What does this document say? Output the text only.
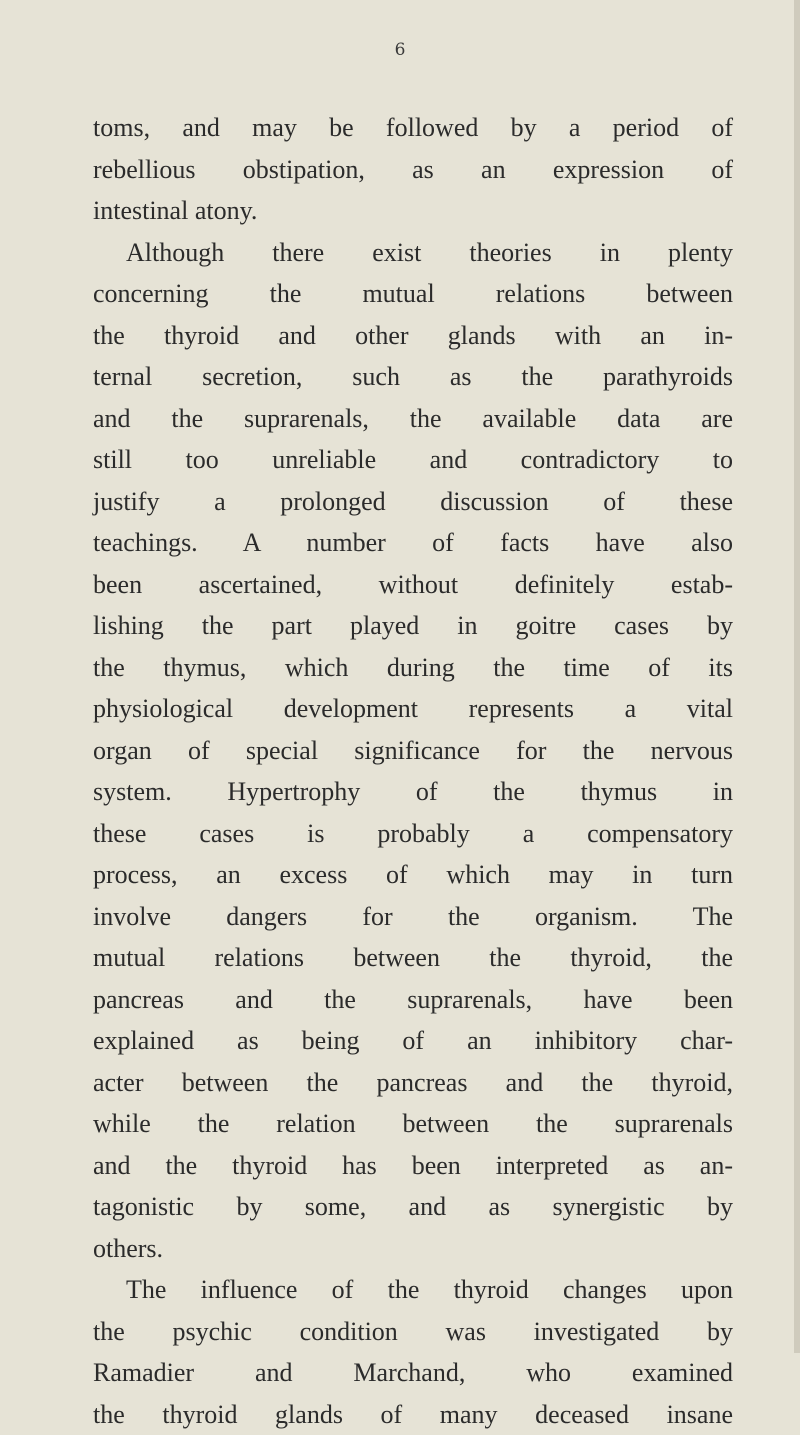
6
toms, and may be followed by a period of
rebellious obstipation, as an expression of
intestinal atony.
Although there exist theories in plenty
concerning the mutual relations between
the thyroid and other glands with an in-
ternal secretion, such as the parathyroids
and the suprarenals, the available data are
still too unreliable and contradictory to
justify a prolonged discussion of these
teachings. A number of facts have also
been ascertained, without definitely estab-
lishing the part played in goitre cases by
the thymus, which during the time of its
physiological development represents a vital
organ of special significance for the nervous
system. Hypertrophy of the thymus in
these cases is probably a compensatory
process, an excess of which may in turn
involve dangers for the organism. The
mutual relations between the thyroid, the
pancreas and the suprarenals, have been
explained as being of an inhibitory char-
acter between the pancreas and the thyroid,
while the relation between the suprarenals
and the thyroid has been interpreted as an-
tagonistic by some, and as synergistic by
others.
The influence of the thyroid changes upon
the psychic condition was investigated by
Ramadier and Marchand, who examined
the thyroid glands of many deceased insane
